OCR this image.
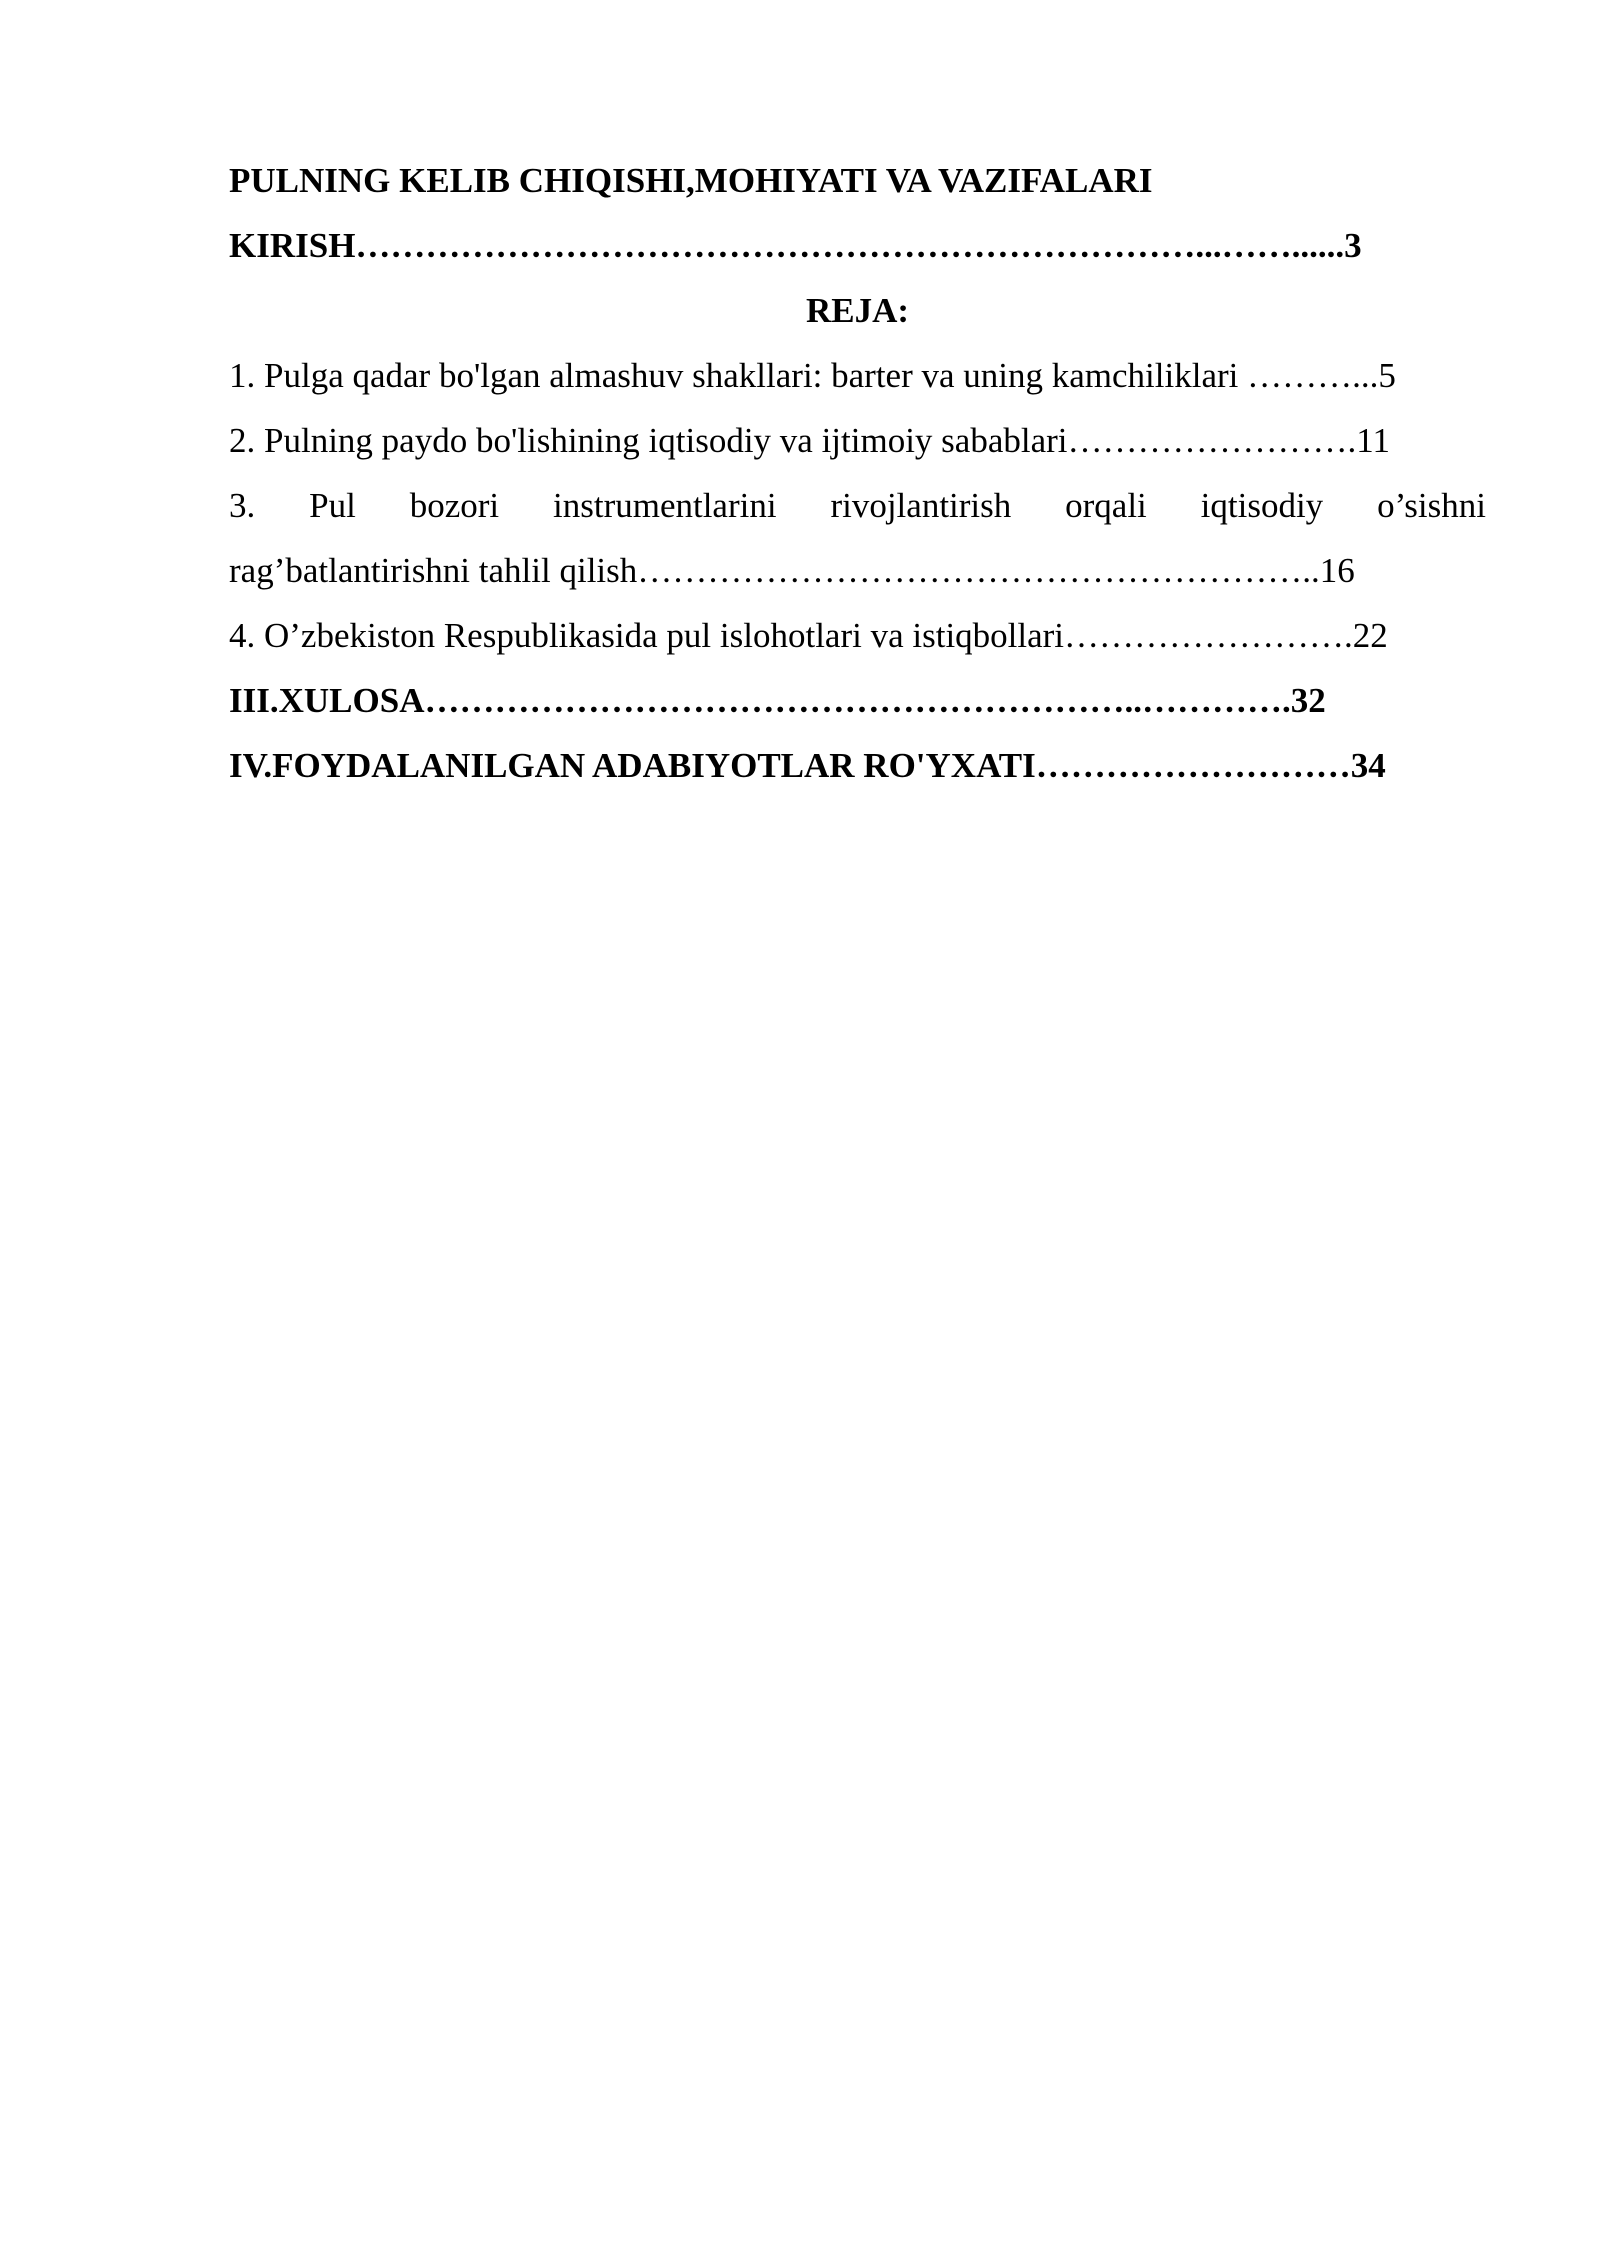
PULNING KELIB CHIQISHI,MOHIYATI VA VAZIFALARI
KIRISH………………………………………………………………...……......3
REJA:
1. Pulga qadar bo'lgan almashuv shakllari: barter va uning kamchiliklari ………...5
2. Pulning paydo bo'lishining iqtisodiy va ijtimoiy sabablari…………………….11
3. Pul bozori instrumentlarini rivojlantirish orqali iqtisodiy o’sishni
rag’batlantirishni tahlil qilish…………………………………………………..16
4. O’zbekiston Respublikasida pul islohotlari va istiqbollari…………………….22
III.XULOSA……………………………………………………..………….32
IV.FOYDALANILGAN ADABIYOTLAR RO'YXATI………………………34
